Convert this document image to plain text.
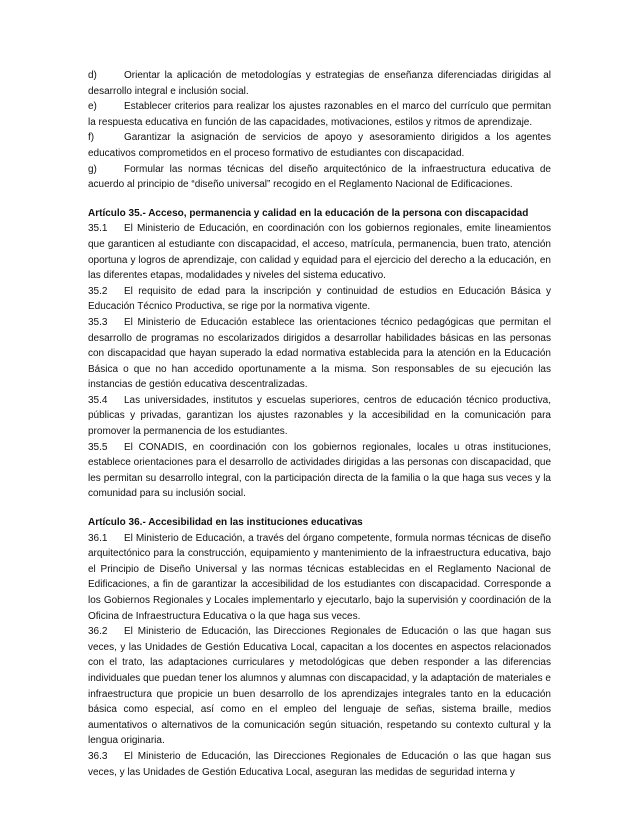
d)	Orientar la aplicación de metodologías y estrategias de enseñanza diferenciadas dirigidas al desarrollo integral e inclusión social.

e)	Establecer criterios para realizar los ajustes razonables en el marco del currículo que permitan la respuesta educativa en función de las capacidades, motivaciones, estilos y ritmos de aprendizaje.

f)	Garantizar la asignación de servicios de apoyo y asesoramiento dirigidos a los agentes educativos comprometidos en el proceso formativo de estudiantes con discapacidad.

g)	Formular las normas técnicas del diseño arquitectónico de la infraestructura educativa de acuerdo al principio de “diseño universal” recogido en el Reglamento Nacional de Edificaciones.

Artículo 35.- Acceso, permanencia y calidad en la educación de la persona con discapacidad

35.1 El Ministerio de Educación, en coordinación con los gobiernos regionales, emite lineamientos que garanticen al estudiante con discapacidad, el acceso, matrícula, permanencia, buen trato, atención oportuna y logros de aprendizaje, con calidad y equidad para el ejercicio del derecho a la educación, en las diferentes etapas, modalidades y niveles del sistema educativo.

35.2 El requisito de edad para la inscripción y continuidad de estudios en Educación Básica y Educación Técnico Productiva, se rige por la normativa vigente.

35.3 El Ministerio de Educación establece las orientaciones técnico pedagógicas que permitan el desarrollo de programas no escolarizados dirigidos a desarrollar habilidades básicas en las personas con discapacidad que hayan superado la edad normativa establecida para la atención en la Educación Básica o que no han accedido oportunamente a la misma. Son responsables de su ejecución las instancias de gestión educativa descentralizadas.

35.4 Las universidades, institutos y escuelas superiores, centros de educación técnico productiva, públicas y privadas, garantizan los ajustes razonables y la accesibilidad en la comunicación para promover la permanencia de los estudiantes.

35.5 El CONADIS, en coordinación con los gobiernos regionales, locales u otras instituciones, establece orientaciones para el desarrollo de actividades dirigidas a las personas con discapacidad, que les permitan su desarrollo integral, con la participación directa de la familia o la que haga sus veces y la comunidad para su inclusión social.

Artículo 36.- Accesibilidad en las instituciones educativas

36.1 El Ministerio de Educación, a través del órgano competente, formula normas técnicas de diseño arquitectónico para la construcción, equipamiento y mantenimiento de la infraestructura educativa, bajo el Principio de Diseño Universal y las normas técnicas establecidas en el Reglamento Nacional de Edificaciones, a fin de garantizar la accesibilidad de los estudiantes con discapacidad. Corresponde a los Gobiernos Regionales y Locales implementarlo y ejecutarlo, bajo la supervisión y coordinación de la Oficina de Infraestructura Educativa o la que haga sus veces.

36.2 El Ministerio de Educación, las Direcciones Regionales de Educación o las que hagan sus veces, y las Unidades de Gestión Educativa Local, capacitan a los docentes en aspectos relacionados con el trato, las adaptaciones curriculares y metodológicas que deben responder a las diferencias individuales que puedan tener los alumnos y alumnas con discapacidad, y la adaptación de materiales e infraestructura que propicie un buen desarrollo de los aprendizajes integrales tanto en la educación básica como especial, así como en el empleo del lenguaje de señas, sistema braille, medios aumentativos o alternativos de la comunicación según situación, respetando su contexto cultural y la lengua originaria.

36.3 El Ministerio de Educación, las Direcciones Regionales de Educación o las que hagan sus veces, y las Unidades de Gestión Educativa Local, aseguran las medidas de seguridad interna y
